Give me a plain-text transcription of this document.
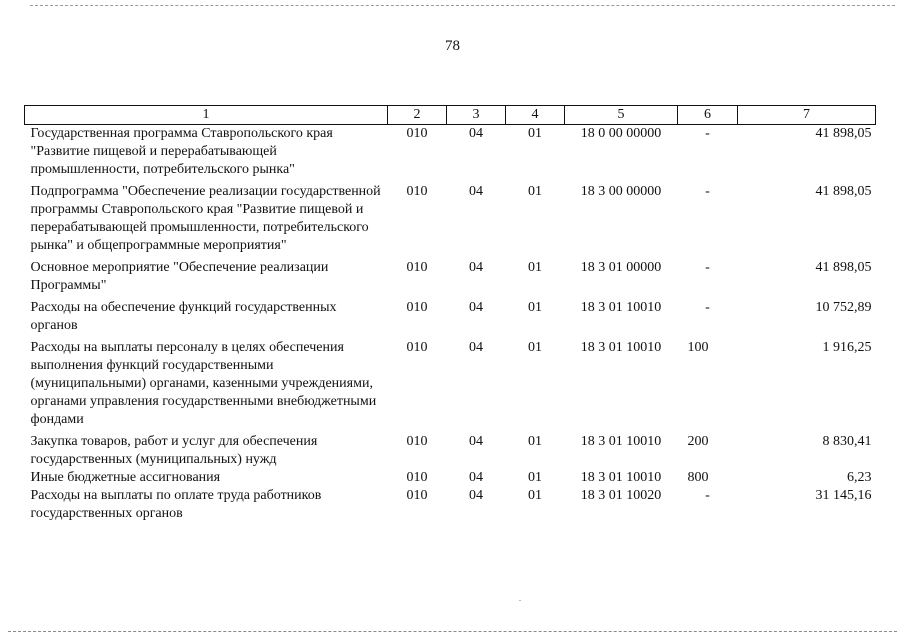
78
1	2	3	4	5	6	7
Государственная программа Ставропольского края "Развитие пищевой и перерабатывающей промышленности, потребительского рынка"	010	04	01	18 0 00 00000	-	41 898,05
Подпрограмма "Обеспечение реализации государственной программы Ставропольского края "Развитие пищевой и перерабатывающей промышленности, потребительского рынка" и общепрограммные мероприятия"	010	04	01	18 3 00 00000	-	41 898,05
Основное мероприятие "Обеспечение реализации Программы"	010	04	01	18 3 01 00000	-	41 898,05
Расходы на обеспечение функций государственных органов	010	04	01	18 3 01 10010	-	10 752,89
Расходы на выплаты персоналу в целях обеспечения выполнения функций государственными (муниципальными) органами, казенными учреждениями, органами управления государственными внебюджетными фондами	010	04	01	18 3 01 10010	100	1 916,25
Закупка товаров, работ и услуг для обеспечения государственных (муниципальных) нужд	010	04	01	18 3 01 10010	200	8 830,41
Иные бюджетные ассигнования	010	04	01	18 3 01 10010	800	6,23
Расходы на выплаты по оплате труда работников государственных органов	010	04	01	18 3 01 10020	-	31 145,16
